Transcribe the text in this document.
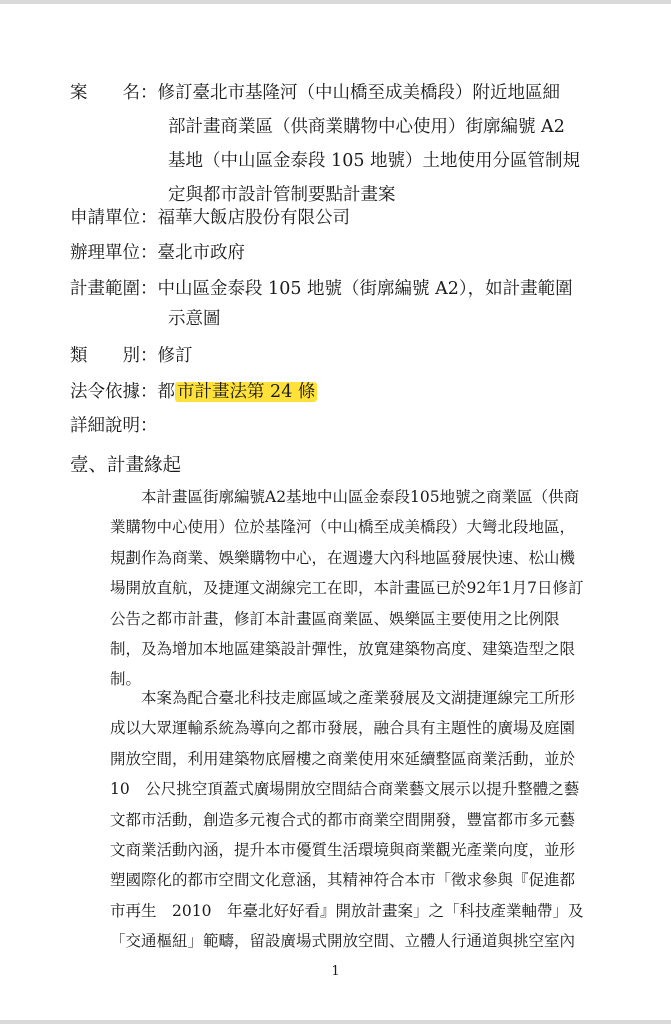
案　　名：修訂臺北市基隆河（中山橋至成美橋段）附近地區細
部計畫商業區（供商業購物中心使用）街廓編號 A2
基地（中山區金泰段 105 地號）土地使用分區管制規
定與都市設計管制要點計畫案
申請單位：福華大飯店股份有限公司
辦理單位：臺北市政府
計畫範圍：中山區金泰段 105 地號（街廓編號 A2），如計畫範圍
示意圖
類　　別：修訂
法令依據：都 市計畫法第 24 條
詳細說明：
壹、計畫緣起
本計畫區街廓編號A2基地中山區金泰段105地號之商業區（供商
業購物中心使用）位於基隆河（中山橋至成美橋段）大彎北段地區，
規劃作為商業、娛樂購物中心，在週邊大內科地區發展快速、松山機
場開放直航，及捷運文湖線完工在即，本計畫區已於92年1月7日修訂
公告之都市計畫，修訂本計畫區商業區、娛樂區主要使用之比例限
制，及為增加本地區建築設計彈性，放寬建築物高度、建築造型之限
制。
本案為配合臺北科技走廊區域之產業發展及文湖捷運線完工所形
成以大眾運輸系統為導向之都市發展，融合具有主題性的廣場及庭園
開放空間，利用建築物底層樓之商業使用來延續整區商業活動，並於
10　公尺挑空頂蓋式廣場開放空間結合商業藝文展示以提升整體之藝
文都市活動，創造多元複合式的都市商業空間開發，豐富都市多元藝
文商業活動內涵，提升本市優質生活環境與商業觀光產業向度，並形
塑國際化的都市空間文化意涵，其精神符合本市「徵求參與『促進都
市再生　2010　年臺北好好看』開放計畫案」之「科技產業軸帶」及
「交通樞紐」範疇，留設廣場式開放空間、立體人行通道與挑空室內
1
